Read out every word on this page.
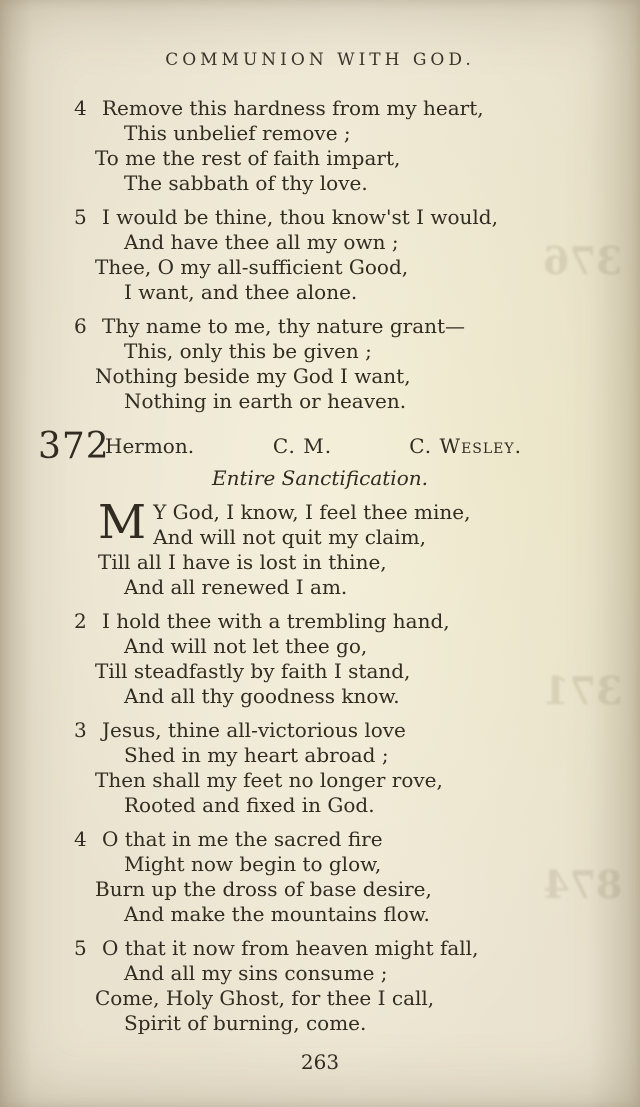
376
371
874
COMMUNION WITH GOD.
4 Remove this hardness from my heart,
This unbelief remove ;
To me the rest of faith impart,
The sabbath of thy love.
5 I would be thine, thou know'st I would,
And have thee all my own ;
Thee, O my all-sufficient Good,
I want, and thee alone.
6 Thy name to me, thy nature grant—
This, only this be given ;
Nothing beside my God I want,
Nothing in earth or heaven.
372
Hermon.	C. M.	C. Wesley.
Entire Sanctification.
M Y God, I know, I feel thee mine,
And will not quit my claim,
Till all I have is lost in thine,
And all renewed I am.
2 I hold thee with a trembling hand,
And will not let thee go,
Till steadfastly by faith I stand,
And all thy goodness know.
3 Jesus, thine all-victorious love
Shed in my heart abroad ;
Then shall my feet no longer rove,
Rooted and fixed in God.
4 O that in me the sacred fire
Might now begin to glow,
Burn up the dross of base desire,
And make the mountains flow.
5 O that it now from heaven might fall,
And all my sins consume ;
Come, Holy Ghost, for thee I call,
Spirit of burning, come.
263
